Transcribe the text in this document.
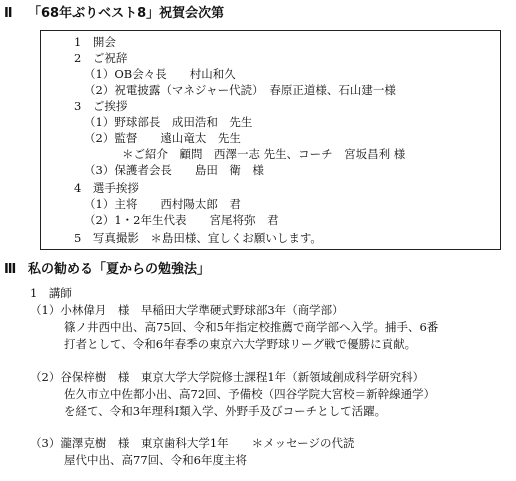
Ⅱ 「68年ぶりベスト8」祝賀会次第
1　開会
2　ご祝辞
（1）OB会々長　　村山和久
（2）祝電披露（マネジャー代読）　春原正道様、石山建一様
3　ご挨拶
（1）野球部長　成田浩和　先生
（2）監督　　遠山竜太　先生
＊ご紹介　顧問　西澤一志 先生、コーチ　宮坂昌利 様
（3）保護者会長　　島田　衛　様
4　選手挨拶
（1）主将　　西村陽太郎　君
（2）1・2年生代表　　宮尾将弥　君
5　写真撮影　＊島田様、宜しくお願いします。
Ⅲ 私の勧める「夏からの勉強法」
1　講師
（1）小林偉月　様　早稲田大学準硬式野球部3年（商学部）
篠ノ井西中出、高75回、令和5年指定校推薦で商学部へ入学。捕手、6番
打者として、令和6年春季の東京六大学野球リーグ戦で優勝に貢献。
（2）谷保梓樹　様　東京大学大学院修士課程1年（新領域創成科学研究科）
佐久市立中佐都小出、高72回、予備校（四谷学院大宮校＝新幹線通学）
を経て、令和3年理科Ⅰ類入学、外野手及びコーチとして活躍。
（3）瀧澤克樹　様　東京歯科大学1年　　＊メッセージの代読
屋代中出、高77回、令和6年度主将
